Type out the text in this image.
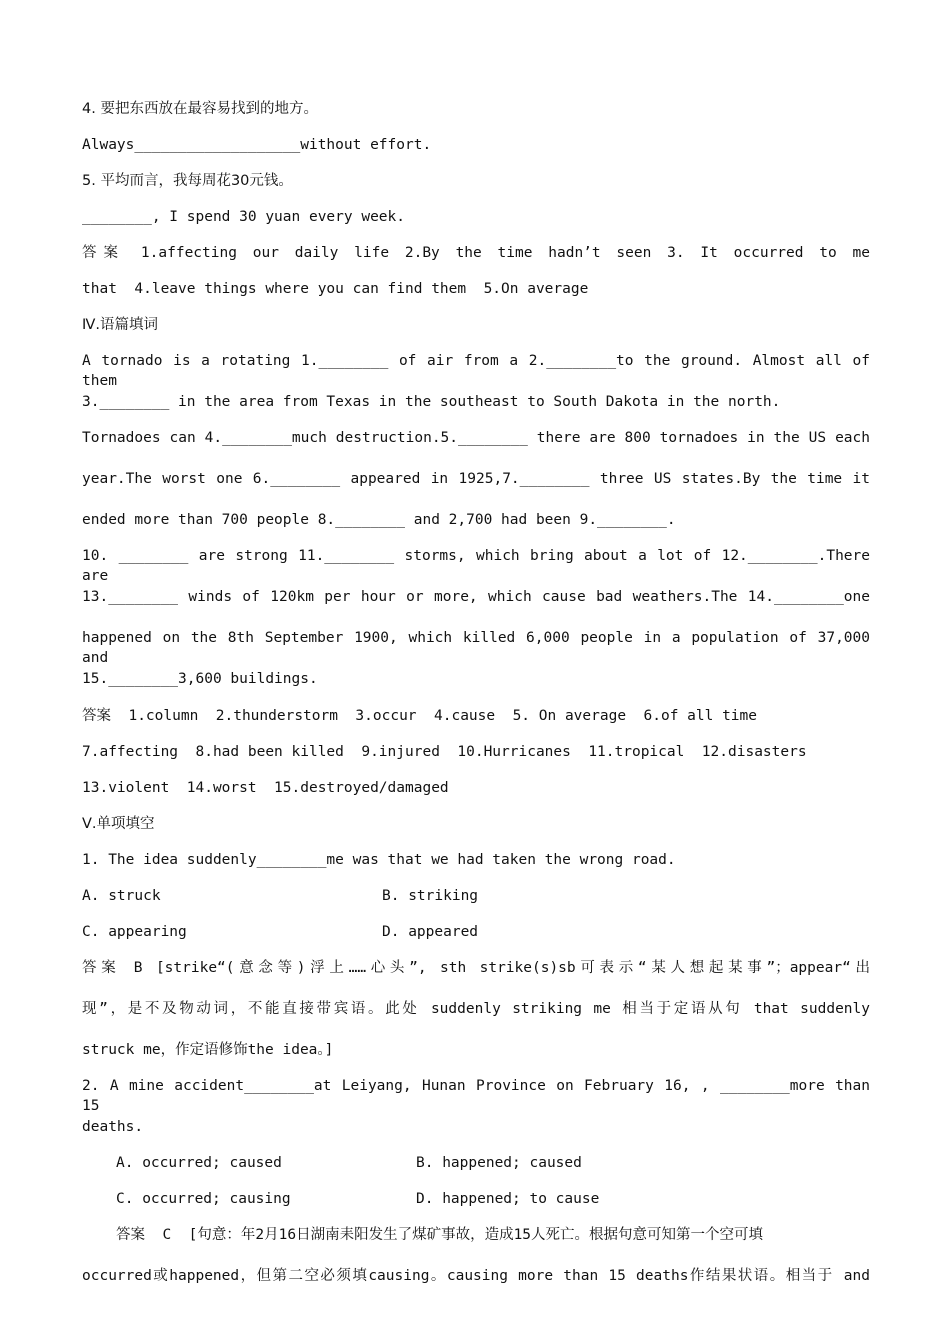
4. 要把东西放在最容易找到的地方。
Always___________________without effort.
5. 平均而言，我每周花30元钱。
________, I spend 30 yuan every week.
答案 1.affecting our daily life 2.By the time hadn’t seen 3. It occurred to me
that  4.leave things where you can find them  5.On average
Ⅳ.语篇填词
A tornado is a rotating 1.________ of air from a 2.________to the ground. Almost all of them
3.________ in the area from Texas in the southeast to South Dakota in the north.
Tornadoes can 4.________much destruction.5.________ there are 800 tornadoes in the US each
year.The worst one 6.________ appeared in 1925,7.________ three US states.By the time it
ended more than 700 people 8.________ and 2,700 had been 9.________.
10. ________ are strong 11.________ storms, which bring about a lot of 12.________.There are
13.________ winds of 120km per hour or more, which cause bad weathers.The 14.________one
happened on the 8th September 1900, which killed 6,000 people in a population of 37,000 and
15.________3,600 buildings.
答案  1.column  2.thunderstorm  3.occur  4.cause  5. On average  6.of all time
7.affecting  8.had been killed  9.injured  10.Hurricanes  11.tropical  12.disasters
13.violent  14.worst  15.destroyed/damaged
Ⅴ.单项填空
1. The idea suddenly________me was that we had taken the wrong road.
A. struck	B. striking
C. appearing	D. appeared
答案 B [strike“(意念等)浮上……心头”, sth strike(s)sb可表示“某人想起某事”；appear“出
现”，是不及物动词，不能直接带宾语。此处 suddenly striking me 相当于定语从句 that suddenly
struck me，作定语修饰the idea。]
2. A mine accident________at Leiyang, Hunan Province on February 16, , ________more than 15
deaths.
A. occurred; caused	B. happened; caused
C. occurred; causing	D. happened; to cause
答案  C  [句意：年2月16日湖南耒阳发生了煤矿事故，造成15人死亡。根据句意可知第一个空可填
occurred或happened，但第二空必须填causing。causing more than 15 deaths作结果状语。相当于 and
